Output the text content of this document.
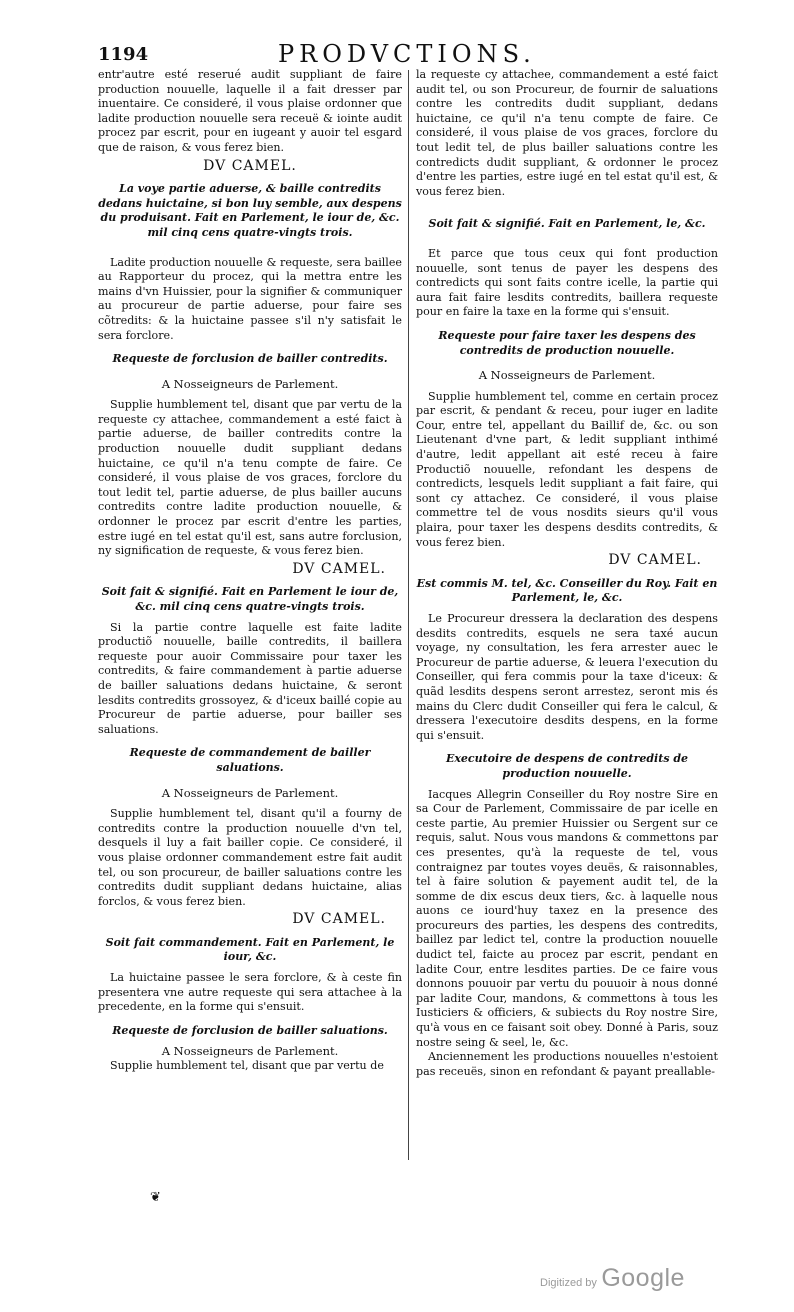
1194	PRODVCTIONS.

entr'autre esté reserué audit suppliant de faire production nouuelle, laquelle il a fait dresser par inuentaire. Ce consideré, il vous plaise ordonner que ladite production nouuelle sera receuë & iointe audit procez par escrit, pour en iugeant y auoir tel esgard que de raison, & vous ferez bien.

DV CAMEL.

La voye partie aduerse, & baille contredits dedans huictaine, si bon luy semble, aux despens du produisant. Fait en Parlement, le iour de, &c. mil cinq cens quatre-vingts trois.

Ladite production nouuelle & requeste, sera baillee au Rapporteur du procez, qui la mettra entre les mains d'vn Huissier, pour la signifier & communiquer au procureur de partie aduerse, pour faire ses cõtredits: & la huictaine passee s'il n'y satisfait le sera forclore.

Requeste de forclusion de bailler contredits.

A Nosseigneurs de Parlement.

Supplie humblement tel, disant que par vertu de la requeste cy attachee, commandement a esté faict à partie aduerse, de bailler contredits contre la production nouuelle dudit suppliant dedans huictaine, ce qu'il n'a tenu compte de faire. Ce consideré, il vous plaise de vos graces, forclore du tout ledit tel, partie aduerse, de plus bailler aucuns contredits contre ladite production nouuelle, & ordonner le procez par escrit d'entre les parties, estre iugé en tel estat qu'il est, sans autre forclusion, ny signification de requeste, & vous ferez bien.

DV CAMEL.

Soit fait & signifié. Fait en Parlement le iour de, &c. mil cinq cens quatre-vingts trois.

Si la partie contre laquelle est faite ladite productiõ nouuelle, baille contredits, il baillera requeste pour auoir Commissaire pour taxer les contredits, & faire commandement à partie aduerse de bailler saluations dedans huictaine, & seront lesdits contredits grossoyez, & d'iceux baillé copie au Procureur de partie aduerse, pour bailler ses saluations.

Requeste de commandement de bailler saluations.

A Nosseigneurs de Parlement.

Supplie humblement tel, disant qu'il a fourny de contredits contre la production nouuelle d'vn tel, desquels il luy a fait bailler copie. Ce consideré, il vous plaise ordonner commandement estre fait audit tel, ou son procureur, de bailler saluations contre les contredits dudit suppliant dedans huictaine, alias forclos, & vous ferez bien.

DV CAMEL.

Soit fait commandement. Fait en Parlement, le iour, &c.

La huictaine passee le sera forclore, & à ceste fin presentera vne autre requeste qui sera attachee à la precedente, en la forme qui s'ensuit.

Requeste de forclusion de bailler saluations.

A Nosseigneurs de Parlement.

Supplie humblement tel, disant que par vertu de

la requeste cy attachee, commandement a esté faict audit tel, ou son Procureur, de fournir de saluations contre les contredits dudit suppliant, dedans huictaine, ce qu'il n'a tenu compte de faire. Ce consideré, il vous plaise de vos graces, forclore du tout ledit tel, de plus bailler saluations contre les contredicts dudit suppliant, & ordonner le procez d'entre les parties, estre iugé en tel estat qu'il est, & vous ferez bien.

Soit fait & signifié. Fait en Parlement, le, &c.

Et parce que tous ceux qui font production nouuelle, sont tenus de payer les despens des contredicts qui sont faits contre icelle, la partie qui aura fait faire lesdits contredits, baillera requeste pour en faire la taxe en la forme qui s'ensuit.

Requeste pour faire taxer les despens des contredits de production nouuelle.

A Nosseigneurs de Parlement.

Supplie humblement tel, comme en certain procez par escrit, & pendant & receu, pour iuger en ladite Cour, entre tel, appellant du Baillif de, &c. ou son Lieutenant d'vne part, & ledit suppliant inthimé d'autre, ledit appellant ait esté receu à faire Productiõ nouuelle, refondant les despens de contredicts, lesquels ledit suppliant a fait faire, qui sont cy attachez. Ce consideré, il vous plaise commettre tel de vous nosdits sieurs qu'il vous plaira, pour taxer les despens desdits contredits, & vous ferez bien.

DV CAMEL.

Est commis M. tel, &c. Conseiller du Roy. Fait en Parlement, le, &c.

Le Procureur dressera la declaration des despens desdits contredits, esquels ne sera taxé aucun voyage, ny consultation, les fera arrester auec le Procureur de partie aduerse, & leuera l'execution du Conseiller, qui fera commis pour la taxe d'iceux: & quãd lesdits despens seront arrestez, seront mis és mains du Clerc dudit Conseiller qui fera le calcul, & dressera l'executoire desdits despens, en la forme qui s'ensuit.

Executoire de despens de contredits de production nouuelle.

Iacques Allegrin Conseiller du Roy nostre Sire en sa Cour de Parlement, Commissaire de par icelle en ceste partie, Au premier Huissier ou Sergent sur ce requis, salut. Nous vous mandons & commettons par ces presentes, qu'à la requeste de tel, vous contraignez par toutes voyes deuës, & raisonnables, tel à faire solution & payement audit tel, de la somme de dix escus deux tiers, &c. à laquelle nous auons ce iourd'huy taxez en la presence des procureurs des parties, les despens des contredits, baillez par ledict tel, contre la production nouuelle dudict tel, faicte au procez par escrit, pendant en ladite Cour, entre lesdites parties. De ce faire vous donnons pouuoir par vertu du pouuoir à nous donné par ladite Cour, mandons, & commettons à tous les Iusticiers & officiers, & subiects du Roy nostre Sire, qu'à vous en ce faisant soit obey. Donné à Paris, souz nostre seing & seel, le, &c.

Anciennement les productions nouuelles n'estoient pas receuës, sinon en refondant & payant preallable-

❦
Digitized by Google
